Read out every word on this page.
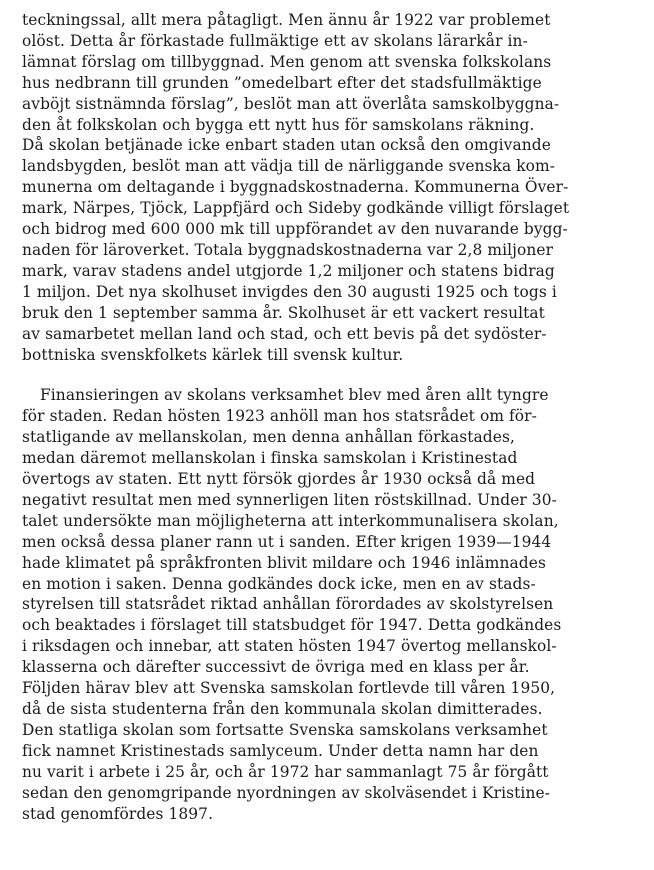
teckningssal, allt mera påtagligt. Men ännu år 1922 var problemet
olöst. Detta år förkastade fullmäktige ett av skolans lärarkår in-
lämnat förslag om tillbyggnad. Men genom att svenska folkskolans
hus nedbrann till grunden ”omedelbart efter det stadsfullmäktige
avböjt sistnämnda förslag”, beslöt man att överlåta samskolbyggna-
den åt folkskolan och bygga ett nytt hus för samskolans räkning.
Då skolan betjänade icke enbart staden utan också den omgivande
landsbygden, beslöt man att vädja till de närliggande svenska kom-
munerna om deltagande i byggnadskostnaderna. Kommunerna Över-
mark, Närpes, Tjöck, Lappfjärd och Sideby godkände villigt förslaget
och bidrog med 600 000 mk till uppförandet av den nuvarande bygg-
naden för läroverket. Totala byggnadskostnaderna var 2,8 miljoner
mark, varav stadens andel utgjorde 1,2 miljoner och statens bidrag
1 miljon. Det nya skolhuset invigdes den 30 augusti 1925 och togs i
bruk den 1 september samma år. Skolhuset är ett vackert resultat
av samarbetet mellan land och stad, och ett bevis på det sydöster-
bottniska svenskfolkets kärlek till svensk kultur.
Finansieringen av skolans verksamhet blev med åren allt tyngre
för staden. Redan hösten 1923 anhöll man hos statsrådet om för-
statligande av mellanskolan, men denna anhållan förkastades,
medan däremot mellanskolan i finska samskolan i Kristinestad
övertogs av staten. Ett nytt försök gjordes år 1930 också då med
negativt resultat men med synnerligen liten röstskillnad. Under 30-
talet undersökte man möjligheterna att interkommunalisera skolan,
men också dessa planer rann ut i sanden. Efter krigen 1939—1944
hade klimatet på språkfronten blivit mildare och 1946 inlämnades
en motion i saken. Denna godkändes dock icke, men en av stads-
styrelsen till statsrådet riktad anhållan förordades av skolstyrelsen
och beaktades i förslaget till statsbudget för 1947. Detta godkändes
i riksdagen och innebar, att staten hösten 1947 övertog mellanskol-
klasserna och därefter successivt de övriga med en klass per år.
Följden härav blev att Svenska samskolan fortlevde till våren 1950,
då de sista studenterna från den kommunala skolan dimitterades.
Den statliga skolan som fortsatte Svenska samskolans verksamhet
fick namnet Kristinestads samlyceum. Under detta namn har den
nu varit i arbete i 25 år, och år 1972 har sammanlagt 75 år förgått
sedan den genomgripande nyordningen av skolväsendet i Kristine-
stad genomfördes 1897.
